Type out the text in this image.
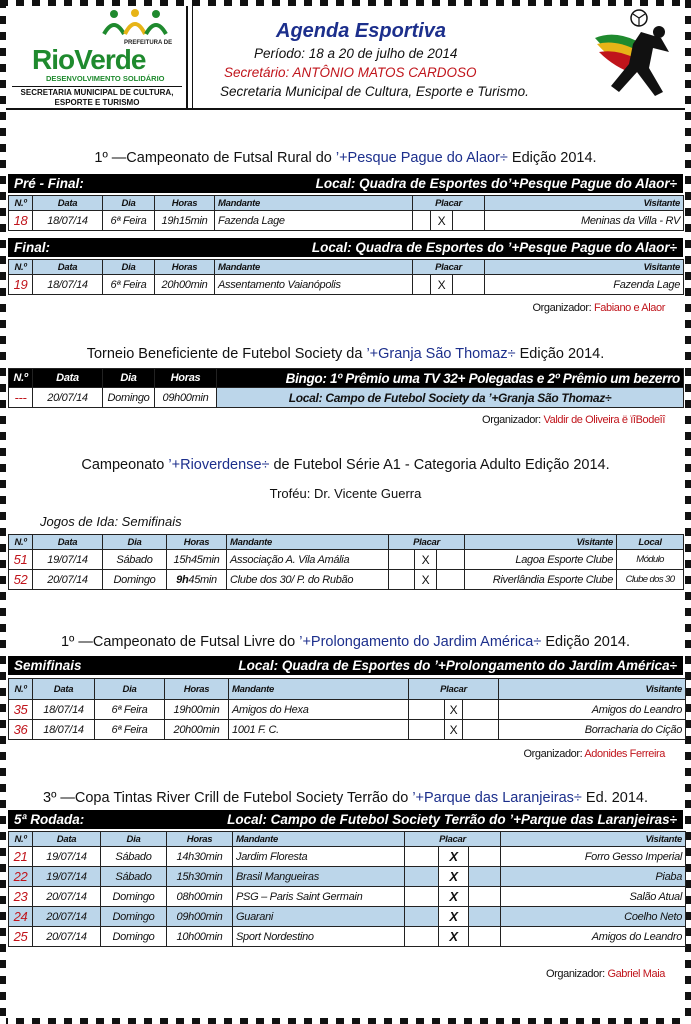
PREFEITURA DE
RioVerde
DESENVOLVIMENTO SOLIDÁRIO
SECRETARIA MUNICIPAL DE CULTURA, ESPORTE E TURISMO
Agenda Esportiva
Período: 18 a 20 de julho de 2014
Secretário: ANTÔNIO MATOS CARDOSO
Secretaria Municipal de Cultura, Esporte e Turismo.
1º —Campeonato de Futsal Rural do ’+Pesque Pague do Alaor÷ Edição 2014.
Pré - Final:	Local: Quadra de Esportes do’+Pesque Pague do Alaor÷
N.º	Data	Dia	Horas	Mandante	Placar			Visitante
18	18/07/14	6ª Feira	19h15min	Fazenda Lage		X		Meninas da Villa - RV
Final:	Local: Quadra de Esportes do ’+Pesque Pague do Alaor÷
N.º	Data	Dia	Horas	Mandante	Placar			Visitante
19	18/07/14	6ª Feira	20h00min	Assentamento Vaianópolis		X		Fazenda Lage
Organizador: Fabiano e Alaor
Torneio Beneficiente de Futebol Society da ’+Granja São Thomaz÷ Edição 2014.
N.º	Data	Dia	Horas	Bingo: 1º Prêmio uma TV 32+ Polegadas e 2º Prêmio um bezerro
---	20/07/14	Domingo	09h00min	Local: Campo de Futebol Society da ’+Granja São Thomaz÷
Organizador: Valdir de Oliveira ë ïîBodeîî
Campeonato ’+Rioverdense÷ de Futebol Série A1 - Categoria Adulto Edição 2014.
Troféu: Dr. Vicente Guerra
Jogos de Ida: Semifinais
N.º	Data	Dia	Horas	Mandante	Placar			Visitante	Local
51	19/07/14	Sábado	15h45min	Associação A. Vila Amália		X		Lagoa Esporte Clube	Módulo
52	20/07/14	Domingo	9h45min	Clube dos 30/ P. do Rubão		X		Riverlândia Esporte Clube	Clube dos 30
1º —Campeonato de Futsal Livre do ’+Prolongamento do Jardim América÷ Edição 2014.
Semifinais	Local: Quadra de Esportes do ’+Prolongamento do Jardim América÷
N.º	Data	Dia	Horas	Mandante	Placar			Visitante
35	18/07/14	6ª Feira	19h00min	Amigos do Hexa		X		Amigos do Leandro
36	18/07/14	6ª Feira	20h00min	1001 F. C.		X		Borracharia do Cição
Organizador: Adonides Ferreira
3º —Copa Tintas River Crill de Futebol Society Terrão do ’+Parque das Laranjeiras÷ Ed. 2014.
5ª Rodada:	Local: Campo de Futebol Society Terrão do ’+Parque das Laranjeiras÷
N.º	Data	Dia	Horas	Mandante	Placar			Visitante
21	19/07/14	Sábado	14h30min	Jardim Floresta		X		Forro Gesso Imperial
22	19/07/14	Sábado	15h30min	Brasil Mangueiras		X		Piaba
23	20/07/14	Domingo	08h00min	PSG – Paris Saint Germain		X		Salão Atual
24	20/07/14	Domingo	09h00min	Guarani		X		Coelho Neto
25	20/07/14	Domingo	10h00min	Sport Nordestino		X		Amigos do Leandro
Organizador: Gabriel Maia
